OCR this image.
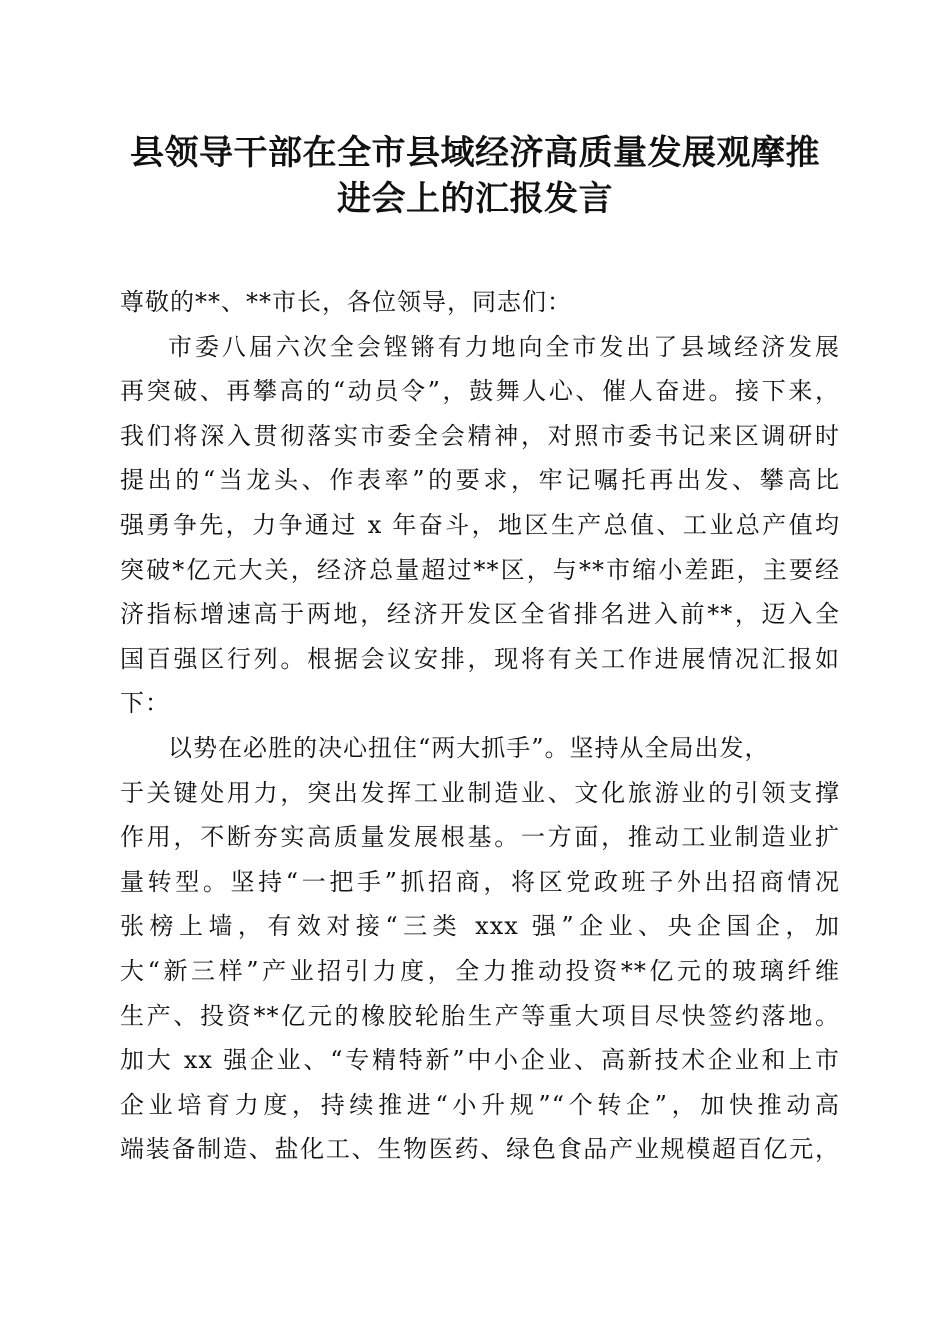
县领导干部在全市县域经济高质量发展观摩推
进会上的汇报发言
尊敬的**、**市长，各位领导，同志们：
市委八届六次全会铿锵有力地向全市发出了县域经济发展
再突破、再攀高的“动员令”，鼓舞人心、催人奋进。接下来，
我们将深入贯彻落实市委全会精神，对照市委书记来区调研时
提出的“当龙头、作表率”的要求，牢记嘱托再出发、攀高比
强勇争先，力争通过 x 年奋斗，地区生产总值、工业总产值均
突破*亿元大关，经济总量超过**区，与**市缩小差距，主要经
济指标增速高于两地，经济开发区全省排名进入前**，迈入全
国百强区行列。根据会议安排，现将有关工作进展情况汇报如
下：
以势在必胜的决心扭住“两大抓手”。坚持从全局出发，
于关键处用力，突出发挥工业制造业、文化旅游业的引领支撑
作用，不断夯实高质量发展根基。一方面，推动工业制造业扩
量转型。坚持“一把手”抓招商，将区党政班子外出招商情况
张榜上墙，有效对接“三类 xxx 强”企业、央企国企，加
大“新三样”产业招引力度，全力推动投资**亿元的玻璃纤维
生产、投资**亿元的橡胶轮胎生产等重大项目尽快签约落地。
加大 xx 强企业、“专精特新”中小企业、高新技术企业和上市
企业培育力度，持续推进“小升规”“个转企”，加快推动高
端装备制造、盐化工、生物医药、绿色食品产业规模超百亿元，
